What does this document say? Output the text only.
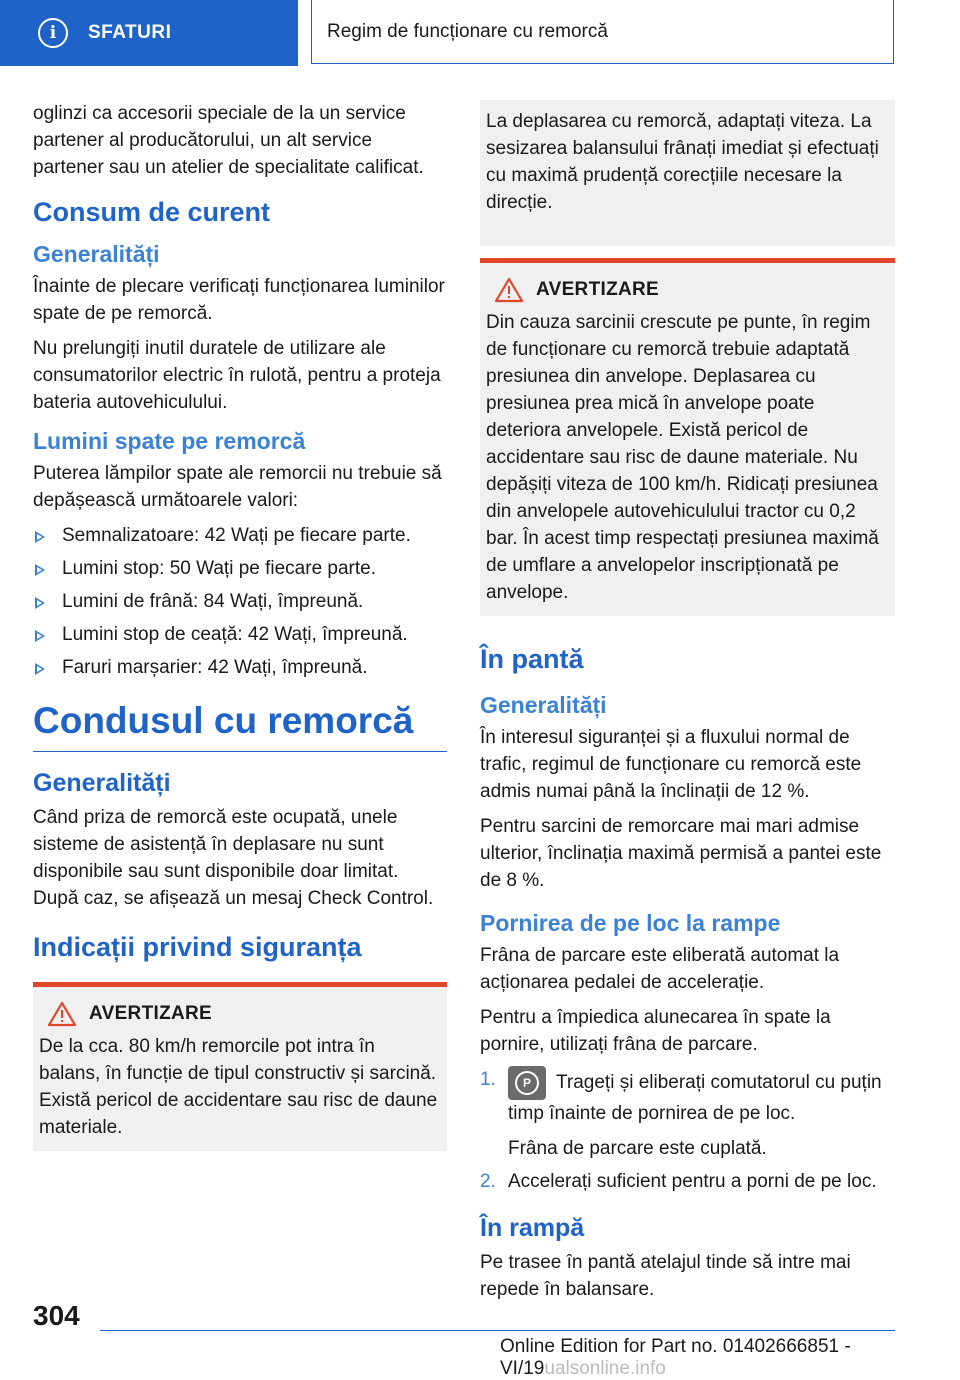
i	SFATURI	Regim de funcționare cu remorcă

oglinzi ca accesorii speciale de la un service partener al producătorului, un alt service partener sau un atelier de specialitate calificat.

Consum de curent
Generalități

Înainte de plecare verificați funcționarea luminilor spate de pe remorcă.

Nu prelungiți inutil duratele de utilizare ale consumatorilor electric în rulotă, pentru a proteja bateria autovehiculului.

Lumini spate pe remorcă

Puterea lămpilor spate ale remorcii nu trebuie să depășească următoarele valori:

Semnalizatoare: 42 Wați pe fiecare parte.
Lumini stop: 50 Wați pe fiecare parte.
Lumini de frână: 84 Wați, împreună.
Lumini stop de ceață: 42 Wați, împreună.
Faruri marșarier: 42 Wați, împreună.
Condusul cu remorcă
Generalități

Când priza de remorcă este ocupată, unele sisteme de asistență în deplasare nu sunt disponibile sau sunt disponibile doar limitat. După caz, se afișează un mesaj Check Control.

Indicații privind siguranța
AVERTIZARE

De la cca. 80 km/h remorcile pot intra în balans, în funcție de tipul constructiv și sarcină. Există pericol de accidentare sau risc de daune materiale.

La deplasarea cu remorcă, adaptați viteza. La sesizarea balansului frânați imediat și efectuați cu maximă prudență corecțiile necesare la direcție.

AVERTIZARE

Din cauza sarcinii crescute pe punte, în regim de funcționare cu remorcă trebuie adaptată presiunea din anvelope. Deplasarea cu presiunea prea mică în anvelope poate deteriora anvelopele. Există pericol de accidentare sau risc de daune materiale. Nu depășiți viteza de 100 km/h. Ridicați presiunea din anvelopele autovehiculului tractor cu 0,2 bar. În acest timp respectați presiunea maximă de umflare a anvelopelor inscripționată pe anvelope.

În pantă
Generalități

În interesul siguranței și a fluxului normal de trafic, regimul de funcționare cu remorcă este admis numai până la înclinații de 12 %.

Pentru sarcini de remorcare mai mari admise ulterior, înclinația maximă permisă a pantei este de 8 %.

Pornirea de pe loc la rampe

Frâna de parcare este eliberată automat la acționarea pedalei de accelerație.

Pentru a împiedica alunecarea în spate la pornire, utilizați frâna de parcare.

1.	P	Trageți și eliberați comutatorul cu puțin timp înainte de pornirea de pe loc.
Frâna de parcare este cuplată.
2. Accelerați suficient pentru a porni de pe loc.
În rampă

Pe trasee în pantă atelajul tinde să intre mai repede în balansare.

304
Online Edition for Part no. 01402666851 - VI/19ualsonline.info
